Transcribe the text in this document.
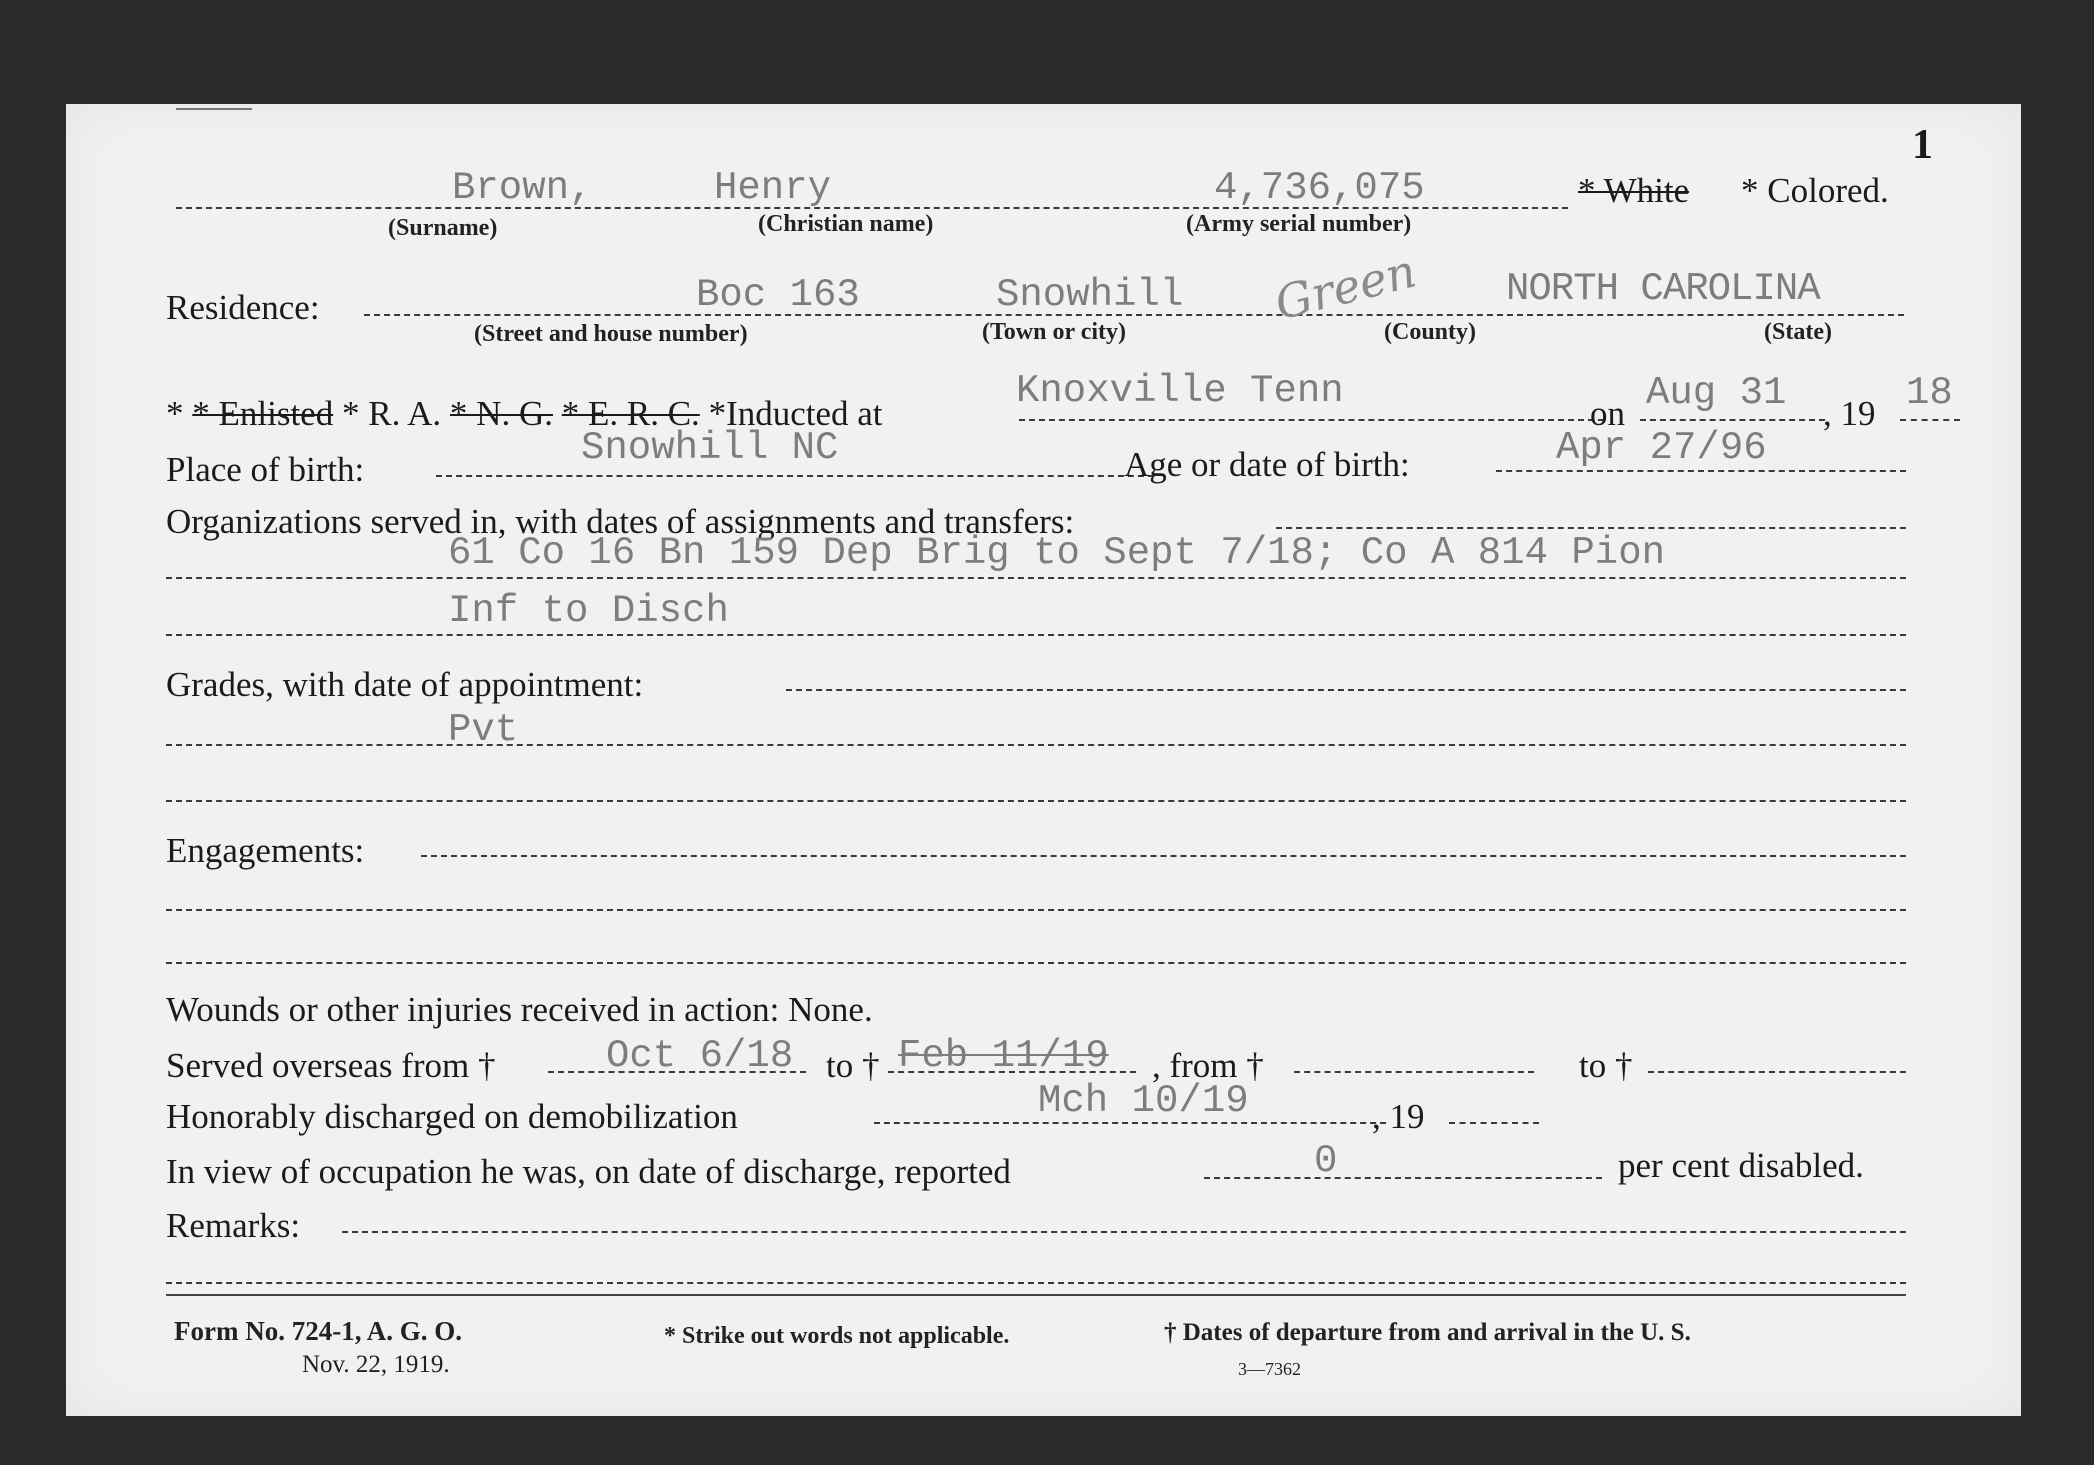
1
Brown,	Henry	4,736,075	* White * Colored.
(Surname)	(Christian name)	(Army serial number)
Residence:	Boc 163	Snowhill Green NORTH CAROLINA
(Street and house number)	(Town or city)	(County)	(State)
* * Enlisted * R. A. * N. G. * E. R. C. *Inducted at
Knoxville Tenn
on Aug 31 , 19 18
Place of birth:	Snowhill NC	Age or date of birth:	Apr 27/96
Organizations served in, with dates of assignments and transfers:
61 Co 16 Bn 159 Dep Brig to Sept 7/18; Co A 814 Pion
Inf to Disch
Grades, with date of appointment:
Pvt
Engagements:
Wounds or other injuries received in action: None.
Served overseas from †	Oct 6/18 to † Feb 11/19 , from †	to †
Honorably discharged on demobilization	Mch 10/19	, 19
In view of occupation he was, on date of discharge, reported	0	per cent disabled.
Remarks:
Form No. 724-1, A. G. O.
Nov. 22, 1919.
* Strike out words not applicable.	† Dates of departure from and arrival in the U. S.
3—7362
